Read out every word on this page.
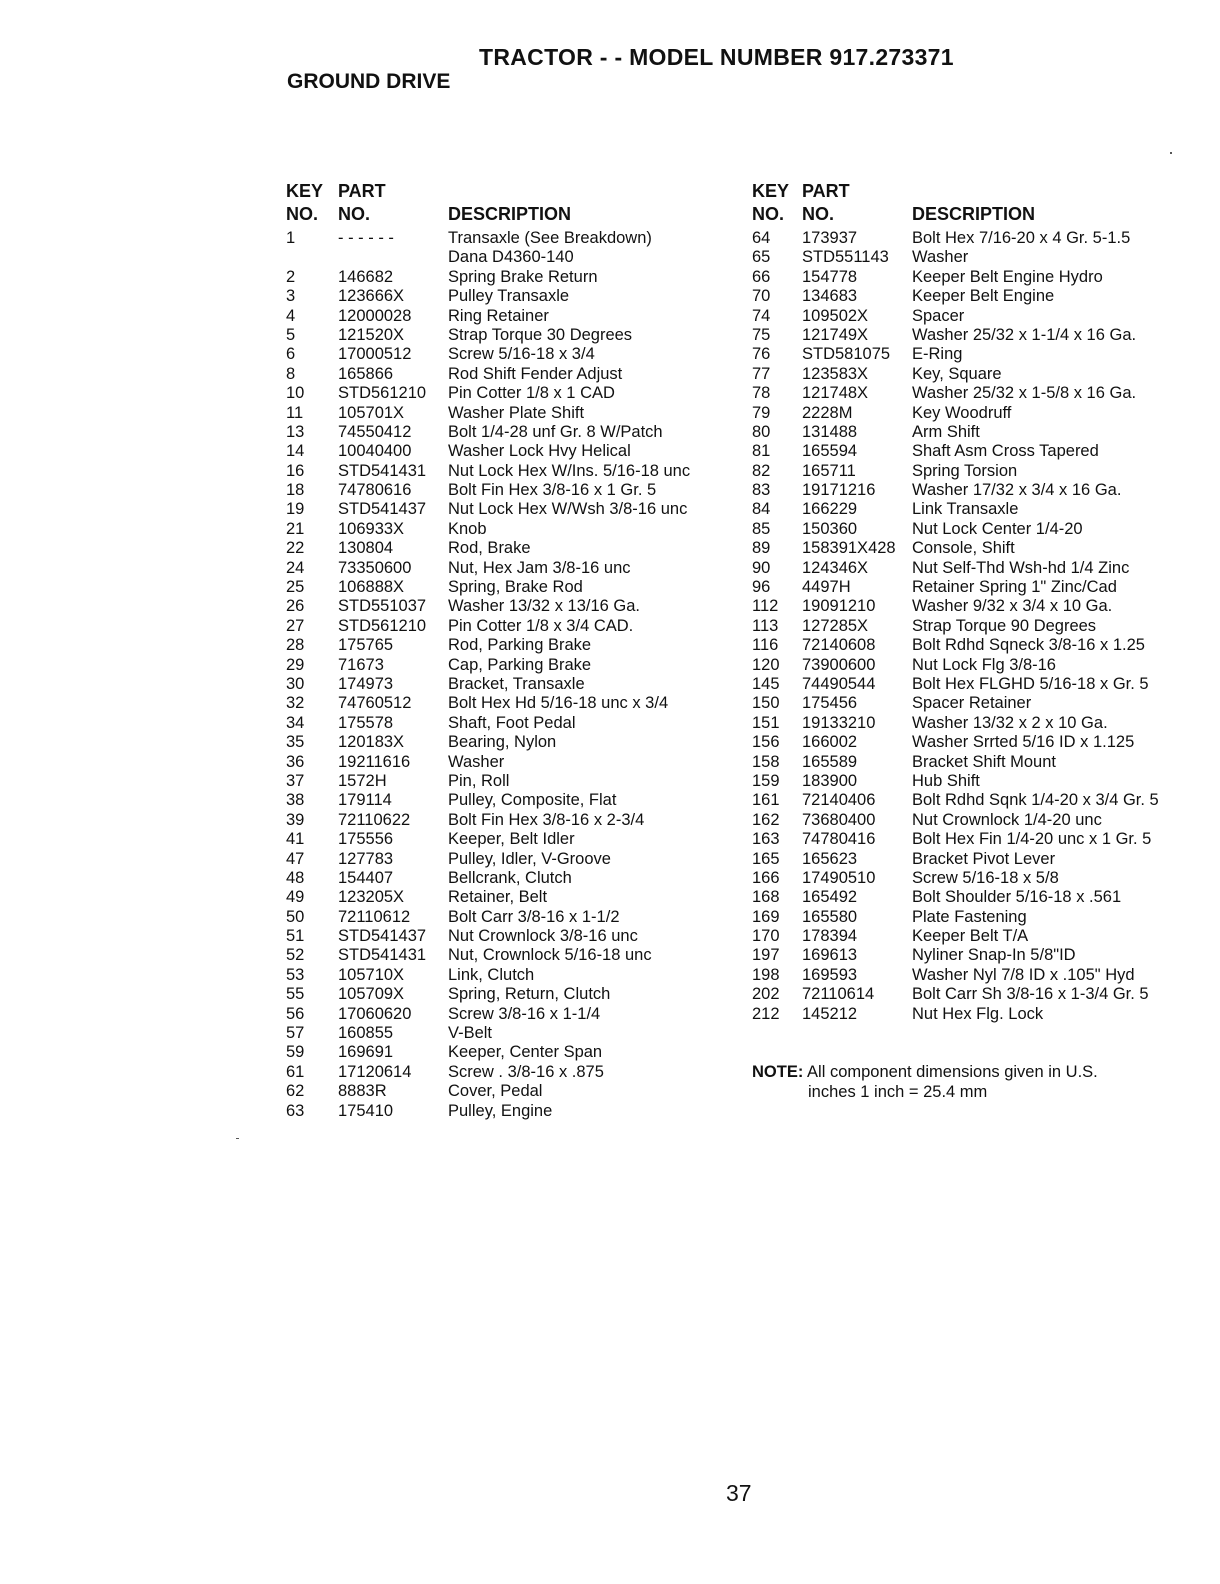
TRACTOR - - MODEL NUMBER 917.273371
GROUND DRIVE
KEY
NO.
PART
NO.	DESCRIPTION
1	- - - - - -	Transaxle (See Breakdown)
Dana D4360-140
2	146682	Spring Brake Return
3	123666X	Pulley Transaxle
4	12000028 Ring Retainer
5	121520X	Strap Torque 30 Degrees
6	17000512 Screw 5/16-18 x 3/4
8	165866	Rod Shift Fender Adjust
10 STD561210 Pin Cotter 1/8 x 1 CAD
11 105701X	Washer Plate Shift
13 74550412 Bolt 1/4-28 unf Gr. 8 W/Patch
14 10040400 Washer Lock Hvy Helical
16 STD541431 Nut Lock Hex W/Ins. 5/16-18 unc
18 74780616 Bolt Fin Hex 3/8-16 x 1 Gr. 5
19 STD541437 Nut Lock Hex W/Wsh 3/8-16 unc
21 106933X	Knob
22 130804	Rod, Brake
24 73350600 Nut, Hex Jam 3/8-16 unc
25 106888X	Spring, Brake Rod
26 STD551037 Washer 13/32 x 13/16 Ga.
27 STD561210 Pin Cotter 1/8 x 3/4 CAD.
28 175765	Rod, Parking Brake
29 71673	Cap, Parking Brake
30 174973	Bracket, Transaxle
32 74760512 Bolt Hex Hd 5/16-18 unc x 3/4
34 175578	Shaft, Foot Pedal
35 120183X	Bearing, Nylon
36 19211616 Washer
37 1572H	Pin, Roll
38 179114	Pulley, Composite, Flat
39 72110622 Bolt Fin Hex 3/8-16 x 2-3/4
41 175556	Keeper, Belt Idler
47 127783	Pulley, Idler, V-Groove
48 154407	Bellcrank, Clutch
49 123205X	Retainer, Belt
50 72110612 Bolt Carr 3/8-16 x 1-1/2
51 STD541437 Nut Crownlock 3/8-16 unc
52 STD541431 Nut, Crownlock 5/16-18 unc
53 105710X	Link, Clutch
55 105709X	Spring, Return, Clutch
56 17060620 Screw 3/8-16 x 1-1/4
57 160855	V-Belt
59 169691	Keeper, Center Span
61 17120614 Screw . 3/8-16 x .875
62 8883R	Cover, Pedal
63 175410	Pulley, Engine
KEY
NO.
PART
NO.	DESCRIPTION
64 173937	Bolt Hex 7/16-20 x 4 Gr. 5-1.5
65 STD551143 Washer
66 154778	Keeper Belt Engine Hydro
70 134683	Keeper Belt Engine
74 109502X	Spacer
75 121749X	Washer 25/32 x 1-1/4 x 16 Ga.
76 STD581075 E-Ring
77 123583X	Key, Square
78 121748X	Washer 25/32 x 1-5/8 x 16 Ga.
79 2228M	Key Woodruff
80 131488	Arm Shift
81 165594	Shaft Asm Cross Tapered
82 165711	Spring Torsion
83 19171216 Washer 17/32 x 3/4 x 16 Ga.
84 166229	Link Transaxle
85 150360	Nut Lock Center 1/4-20
89 158391X428 Console, Shift
90 124346X	Nut Self-Thd Wsh-hd 1/4 Zinc
96 4497H	Retainer Spring 1" Zinc/Cad
112 19091210 Washer 9/32 x 3/4 x 10 Ga.
113 127285X	Strap Torque 90 Degrees
116 72140608 Bolt Rdhd Sqneck 3/8-16 x 1.25
120 73900600 Nut Lock Flg 3/8-16
145 74490544 Bolt Hex FLGHD 5/16-18 x Gr. 5
150 175456	Spacer Retainer
151 19133210 Washer 13/32 x 2 x 10 Ga.
156 166002	Washer Srrted 5/16 ID x 1.125
158 165589	Bracket Shift Mount
159 183900	Hub Shift
161 72140406 Bolt Rdhd Sqnk 1/4-20 x 3/4 Gr. 5
162 73680400 Nut Crownlock 1/4-20 unc
163 74780416 Bolt Hex Fin 1/4-20 unc x 1 Gr. 5
165 165623	Bracket Pivot Lever
166 17490510 Screw 5/16-18 x 5/8
168 165492	Bolt Shoulder 5/16-18 x .561
169 165580	Plate Fastening
170 178394	Keeper Belt T/A
197 169613	Nyliner Snap-In 5/8"ID
198 169593	Washer Nyl 7/8 ID x .105" Hyd
202 72110614 Bolt Carr Sh 3/8-16 x 1-3/4 Gr. 5
212 145212	Nut Hex Flg. Lock
NOTE: All component dimensions given in U.S.
inches 1 inch = 25.4 mm
37
